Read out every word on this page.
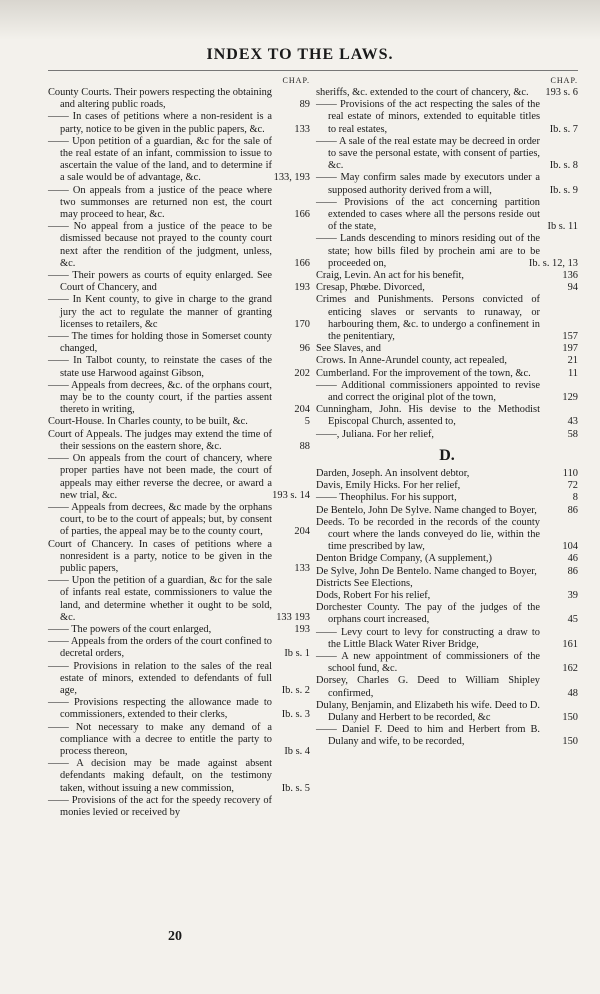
INDEX TO THE LAWS.
CHAP.
County Courts. Their powers respecting the obtaining and altering public roads,	89
—— In cases of petitions where a non-resident is a party, notice to be given in the public papers, &c.	133
—— Upon petition of a guardian, &c for the sale of the real estate of an infant, commission to issue to ascertain the value of the land, and to determine if a sale would be of advantage, &c.	133, 193
—— On appeals from a justice of the peace where two summonses are returned non est, the court may proceed to hear, &c.	166
—— No appeal from a justice of the peace to be dismissed because not prayed to the county court next after the rendition of the judgment, unless, &c.	166
—— Their powers as courts of equity enlarged. See Court of Chancery, and	193
—— In Kent county, to give in charge to the grand jury the act to regulate the manner of granting licenses to retailers, &c	170
—— The times for holding those in Somerset county changed,	96
—— In Talbot county, to reinstate the cases of the state use Harwood against Gibson,	202
—— Appeals from decrees, &c. of the orphans court, may be to the county court, if the parties assent thereto in writing,	204
Court-House. In Charles county, to be built, &c.	5
Court of Appeals. The judges may extend the time of their sessions on the eastern shore, &c.	88
—— On appeals from the court of chancery, where proper parties have not been made, the court of appeals may either reverse the decree, or award a new trial, &c.	193 s. 14
—— Appeals from decrees, &c made by the orphans court, to be to the court of appeals; but, by consent of parties, the appeal may be to the county court,	204
Court of Chancery. In cases of petitions where a nonresident is a party, notice to be given in the public papers,	133
—— Upon the petition of a guardian, &c for the sale of infants real estate, commissioners to value the land, and determine whether it ought to be sold, &c.	133 193
—— The powers of the court enlarged,	193
—— Appeals from the orders of the court confined to decretal orders,	Ib s. 1
—— Provisions in relation to the sales of the real estate of minors, extended to defendants of full age,	Ib. s. 2
—— Provisions respecting the allowance made to commissioners, extended to their clerks,	Ib. s. 3
—— Not necessary to make any demand of a compliance with a decree to entitle the party to process thereon,	Ib s. 4
—— A decision may be made against absent defendants making default, on the testimony taken, without issuing a new commission,	Ib. s. 5
—— Provisions of the act for the speedy recovery of monies levied or received by
CHAP.
sheriffs, &c. extended to the court of chancery, &c. 193 s. 6
—— Provisions of the act respecting the sales of the real estate of minors, extended to equitable titles to real estates,	Ib. s. 7
—— A sale of the real estate may be decreed in order to save the personal estate, with consent of parties, &c.	Ib. s. 8
—— May confirm sales made by executors under a supposed authority derived from a will,	Ib. s. 9
—— Provisions of the act concerning partition extended to cases where all the persons reside out of the state,	Ib s. 11
—— Lands descending to minors residing out of the state; how bills filed by prochein ami are to be proceeded on,	Ib. s. 12, 13
Craig, Levin. An act for his benefit,	136
Cresap, Phœbe. Divorced,	94
Crimes and Punishments. Persons convicted of enticing slaves or servants to runaway, or harbouring them, &c. to undergo a confinement in the penitentiary,	157
See Slaves, and	197
Crows. In Anne-Arundel county, act repealed,	21
Cumberland. For the improvement of the town, &c.	11
—— Additional commissioners appointed to revise and correct the original plot of the town,	129
Cunningham, John. His devise to the Methodist Episcopal Church, assented to,	43
——, Juliana. For her relief,	58
D.
Darden, Joseph. An insolvent debtor,	110
Davis, Emily Hicks. For her relief,	72
—— Theophilus. For his support,	8
De Bentelo, John De Sylve. Name changed to Boyer,	86
Deeds. To be recorded in the records of the county court where the lands conveyed do lie, within the time prescribed by law,	104
Denton Bridge Company, (A supplement,)	46
De Sylve, John De Bentelo. Name changed to Boyer,	86
Districts See Elections,
Dods, Robert For his relief,	39
Dorchester County. The pay of the judges of the orphans court increased,	45
—— Levy court to levy for constructing a draw to the Little Black Water River Bridge,	161
—— A new appointment of commissioners of the school fund, &c.	162
Dorsey, Charles G. Deed to William Shipley confirmed,	48
Dulany, Benjamin, and Elizabeth his wife. Deed to D. Dulany and Herbert to be recorded, &c	150
—— Daniel F. Deed to him and Herbert from B. Dulany and wife, to be recorded,	150
20
